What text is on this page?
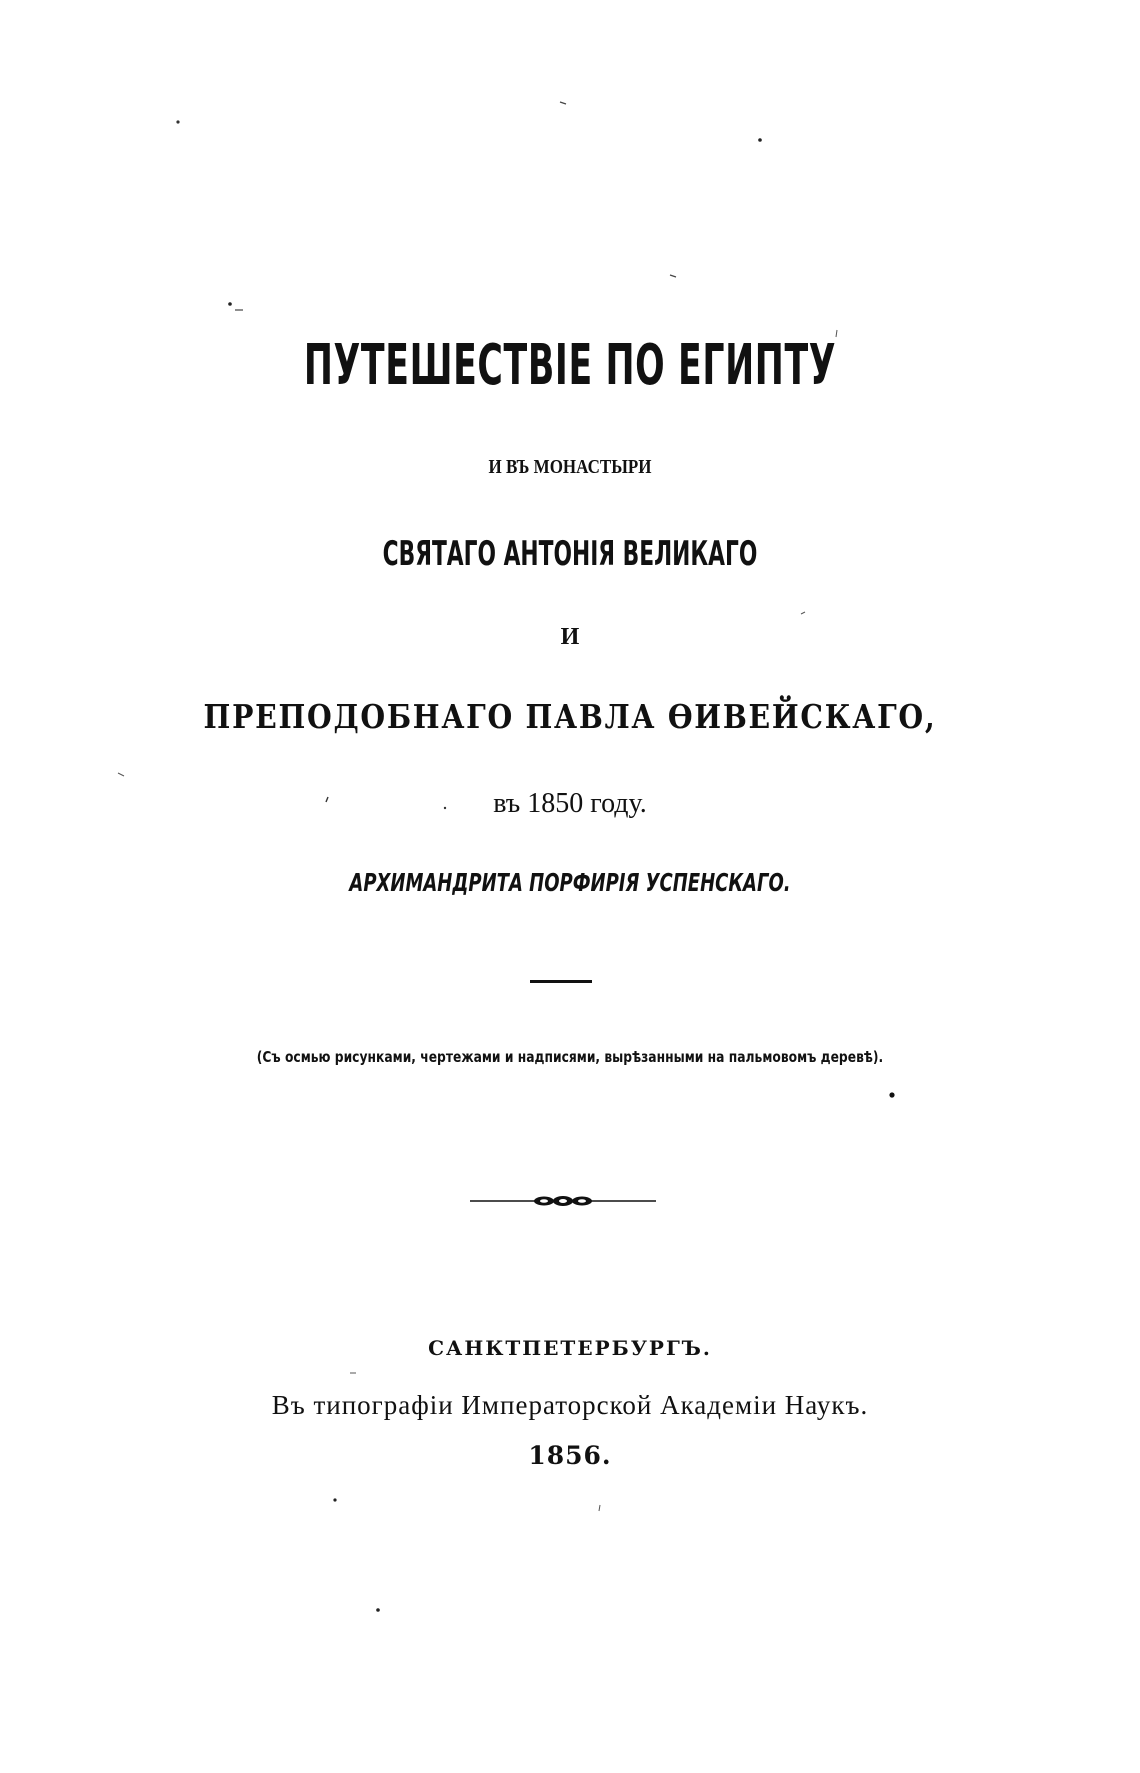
ПУТЕШЕСТВІЕ ПО ЕГИПТУ
И ВЪ МОНАСТЫРИ
СВЯТАГО АНТОНІЯ ВЕЛИКАГО
И
ПРЕПОДОБНАГО ПАВЛА ѲИВЕЙСКАГО,
въ 1850 году.
АРХИМАНДРИТА ПОРФИРІЯ УСПЕНСКАГО.
(Съ осмью рисунками, чертежами и надписями, вырѣзанными на пальмовомъ деревѣ).
САНКТПЕТЕРБУРГЪ.
Въ типографіи Императорской Академіи Наукъ.
1856.
